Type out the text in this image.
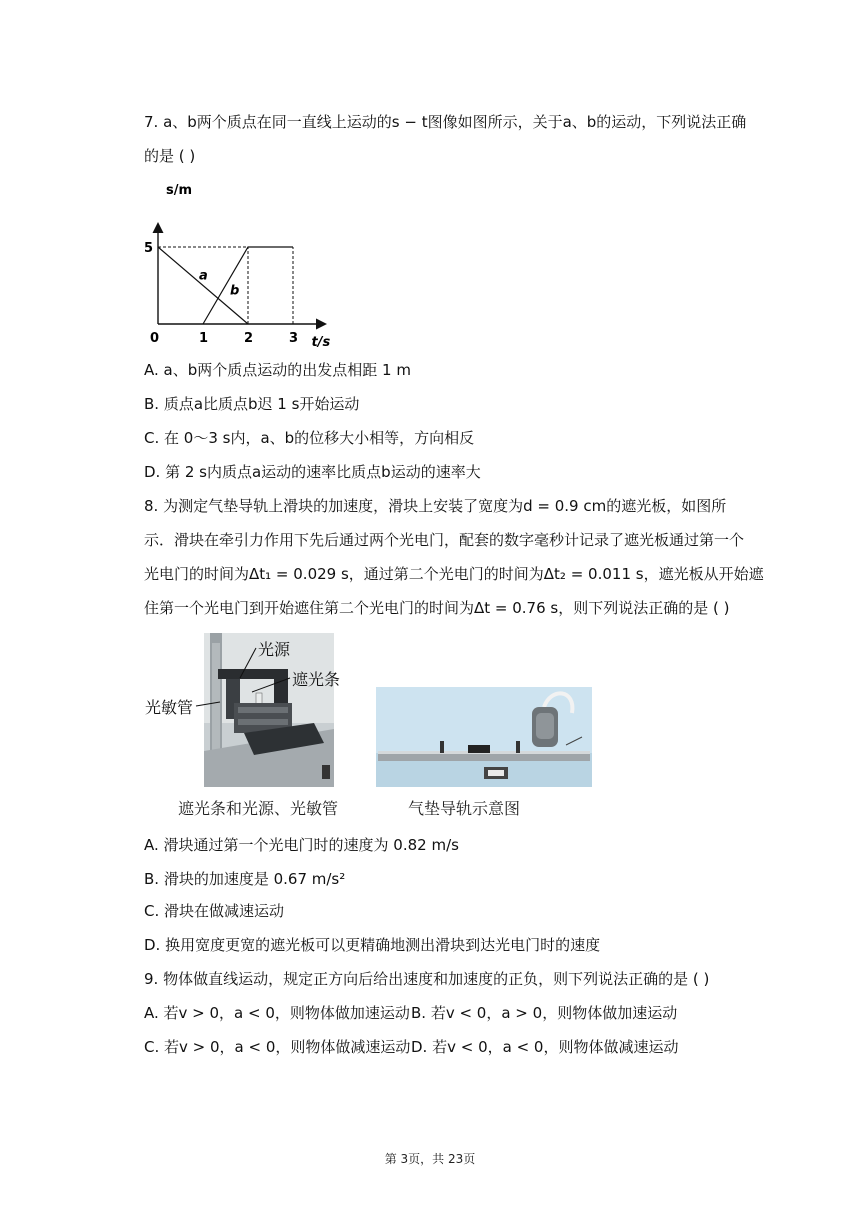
7. a、b两个质点在同一直线上运动的s − t图像如图所示，关于a、b的运动，下列说法正确
的是 ( )
a
b
0	1	2	3
5
t/s
s/m
A. a、b两个质点运动的出发点相距 1 m
B. 质点a比质点b迟 1 s开始运动
C. 在 0～3 s内，a、b的位移大小相等，方向相反
D. 第 2 s内质点a运动的速率比质点b运动的速率大
8. 为测定气垫导轨上滑块的加速度，滑块上安装了宽度为d = 0.9 cm的遮光板，如图所
示．滑块在牵引力作用下先后通过两个光电门，配套的数字毫秒计记录了遮光板通过第一个
光电门的时间为Δt₁ = 0.029 s，通过第二个光电门的时间为Δt₂ = 0.011 s，遮光板从开始遮
住第一个光电门到开始遮住第二个光电门的时间为Δt = 0.76 s，则下列说法正确的是 ( )
光源
遮光条
光敏管
遮光条和光源、光敏管	气垫导轨示意图
A. 滑块通过第一个光电门时的速度为 0.82 m/s
B. 滑块的加速度是 0.67 m/s²
C. 滑块在做减速运动
D. 换用宽度更宽的遮光板可以更精确地测出滑块到达光电门时的速度
9. 物体做直线运动，规定正方向后给出速度和加速度的正负，则下列说法正确的是 ( )
A. 若v > 0，a < 0，则物体做加速运动 B. 若v < 0，a > 0，则物体做加速运动
C. 若v > 0，a < 0，则物体做减速运动 D. 若v < 0，a < 0，则物体做减速运动
第 3页，共 23页
